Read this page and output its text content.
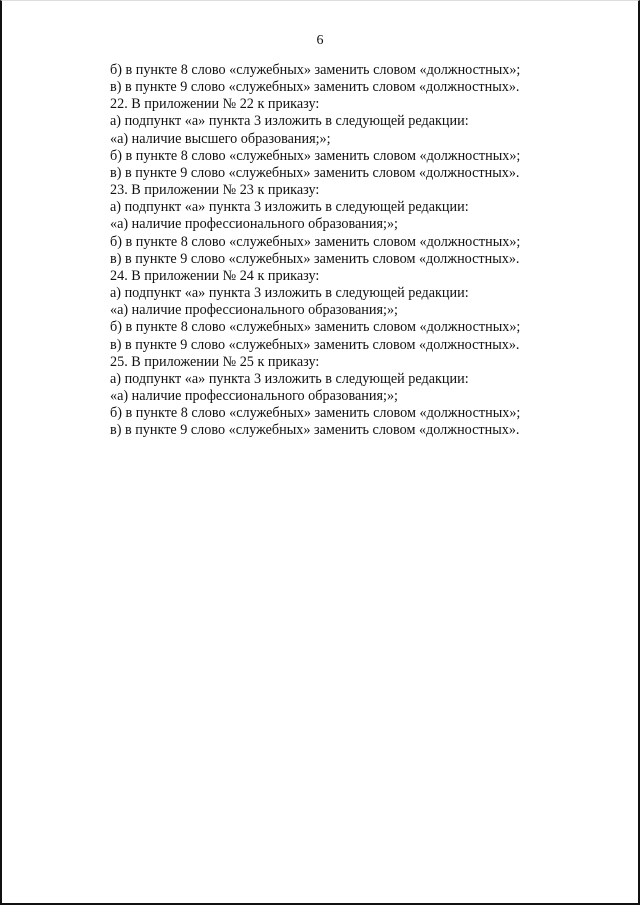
6
б) в пункте 8 слово «служебных» заменить словом «должностных»;
в) в пункте 9 слово «служебных» заменить словом «должностных».
22. В приложении № 22 к приказу:
а) подпункт «а» пункта 3 изложить в следующей редакции:
«а) наличие высшего образования;»;
б) в пункте 8 слово «служебных» заменить словом «должностных»;
в) в пункте 9 слово «служебных» заменить словом «должностных».
23. В приложении № 23 к приказу:
а) подпункт «а» пункта 3 изложить в следующей редакции:
«а) наличие профессионального образования;»;
б) в пункте 8 слово «служебных» заменить словом «должностных»;
в) в пункте 9 слово «служебных» заменить словом «должностных».
24. В приложении № 24 к приказу:
а) подпункт «а» пункта 3 изложить в следующей редакции:
«а) наличие профессионального образования;»;
б) в пункте 8 слово «служебных» заменить словом «должностных»;
в) в пункте 9 слово «служебных» заменить словом «должностных».
25. В приложении № 25 к приказу:
а) подпункт «а» пункта 3 изложить в следующей редакции:
«а) наличие профессионального образования;»;
б) в пункте 8 слово «служебных» заменить словом «должностных»;
в) в пункте 9 слово «служебных» заменить словом «должностных».
